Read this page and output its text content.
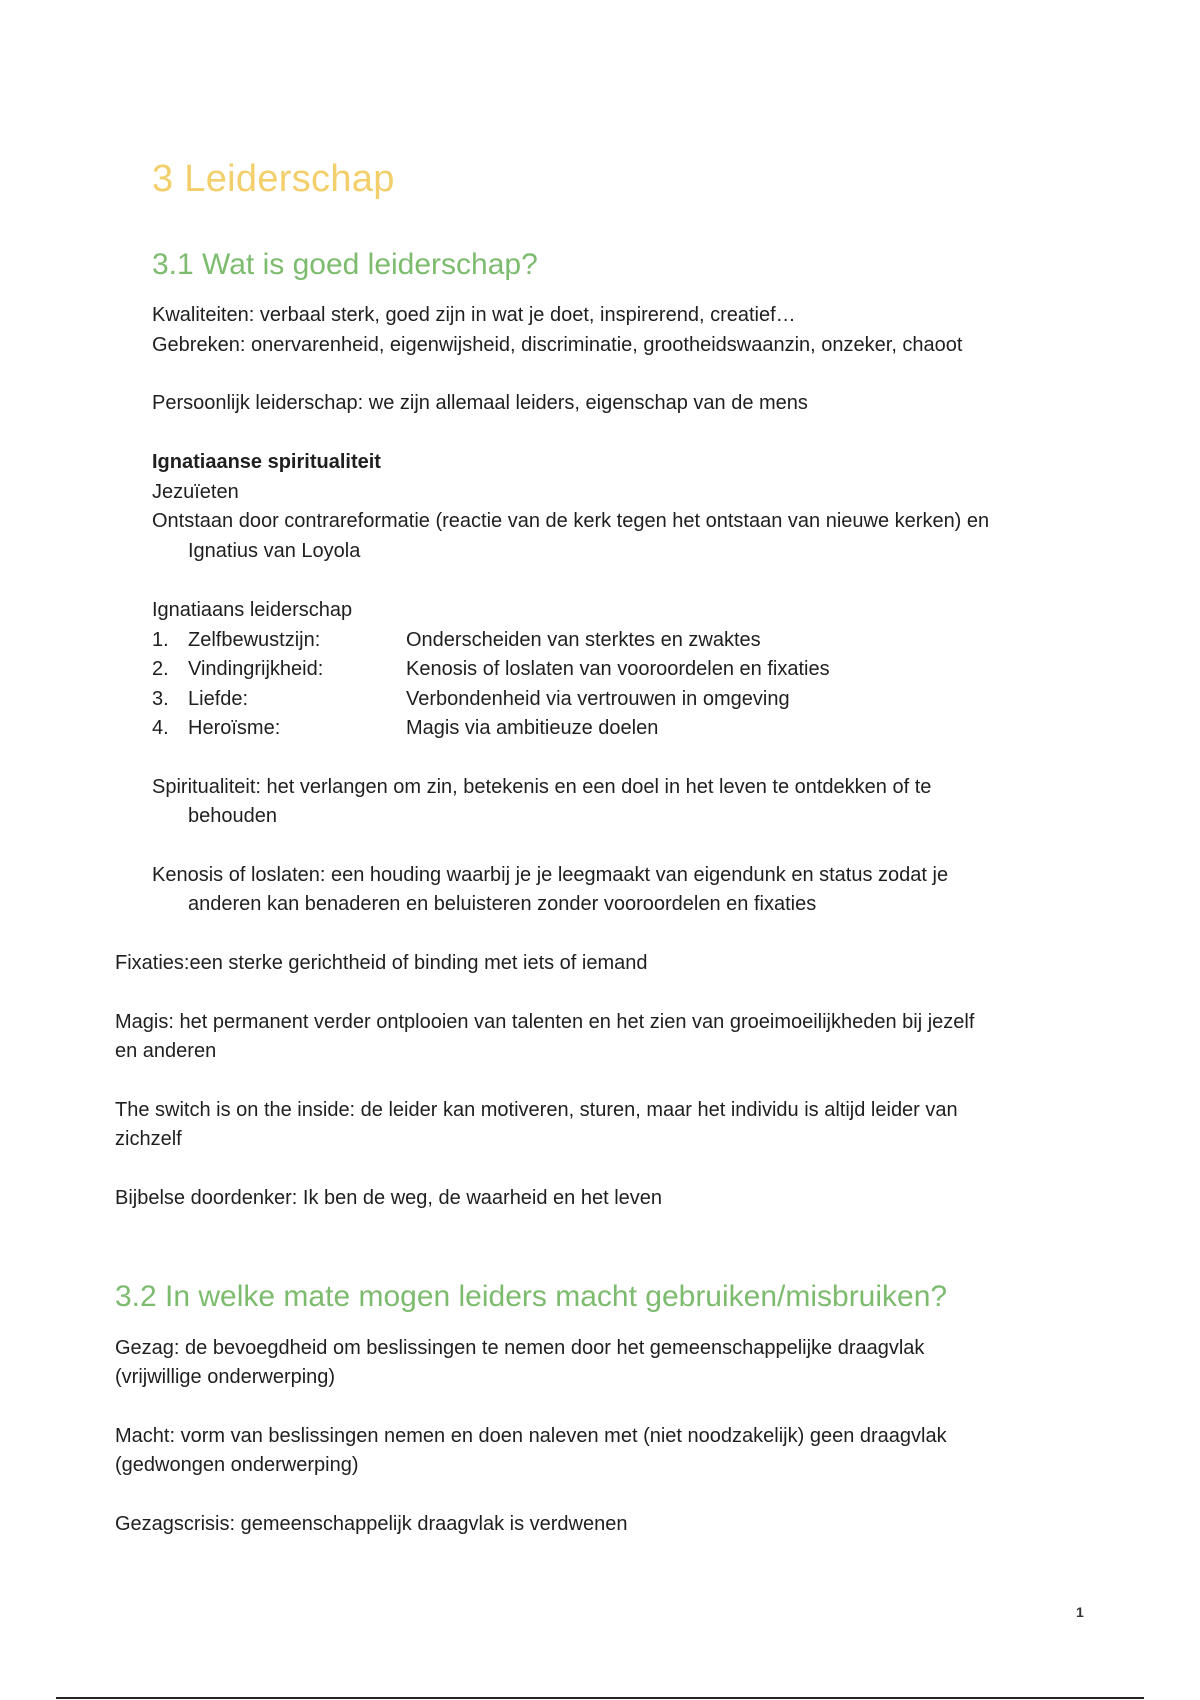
3 Leiderschap
3.1 Wat is goed leiderschap?
Kwaliteiten: verbaal sterk, goed zijn in wat je doet, inspirerend, creatief…
Gebreken: onervarenheid, eigenwijsheid, discriminatie, grootheidswaanzin, onzeker, chaoot
Persoonlijk leiderschap: we zijn allemaal leiders, eigenschap van de mens
Ignatiaanse spiritualiteit
Jezuïeten
Ontstaan door contrareformatie (reactie van de kerk tegen het ontstaan van nieuwe kerken) en
Ignatius van Loyola
Ignatiaans leiderschap
1. Zelfbewustzijn:	Onderscheiden van sterktes en zwaktes
2. Vindingrijkheid:	Kenosis of loslaten van vooroordelen en fixaties
3. Liefde:	Verbondenheid via vertrouwen in omgeving
4. Heroïsme:	Magis via ambitieuze doelen
Spiritualiteit: het verlangen om zin, betekenis en een doel in het leven te ontdekken of te
behouden
Kenosis of loslaten: een houding waarbij je je leegmaakt van eigendunk en status zodat je
anderen kan benaderen en beluisteren zonder vooroordelen en fixaties
Fixaties:een sterke gerichtheid of binding met iets of iemand
Magis: het permanent verder ontplooien van talenten en het zien van groeimoeilijkheden bij jezelf
en anderen
The switch is on the inside: de leider kan motiveren, sturen, maar het individu is altijd leider van
zichzelf
Bijbelse doordenker: Ik ben de weg, de waarheid en het leven
3.2 In welke mate mogen leiders macht gebruiken/misbruiken?
Gezag: de bevoegdheid om beslissingen te nemen door het gemeenschappelijke draagvlak
(vrijwillige onderwerping)
Macht: vorm van beslissingen nemen en doen naleven met (niet noodzakelijk) geen draagvlak
(gedwongen onderwerping)
Gezagscrisis: gemeenschappelijk draagvlak is verdwenen
1
